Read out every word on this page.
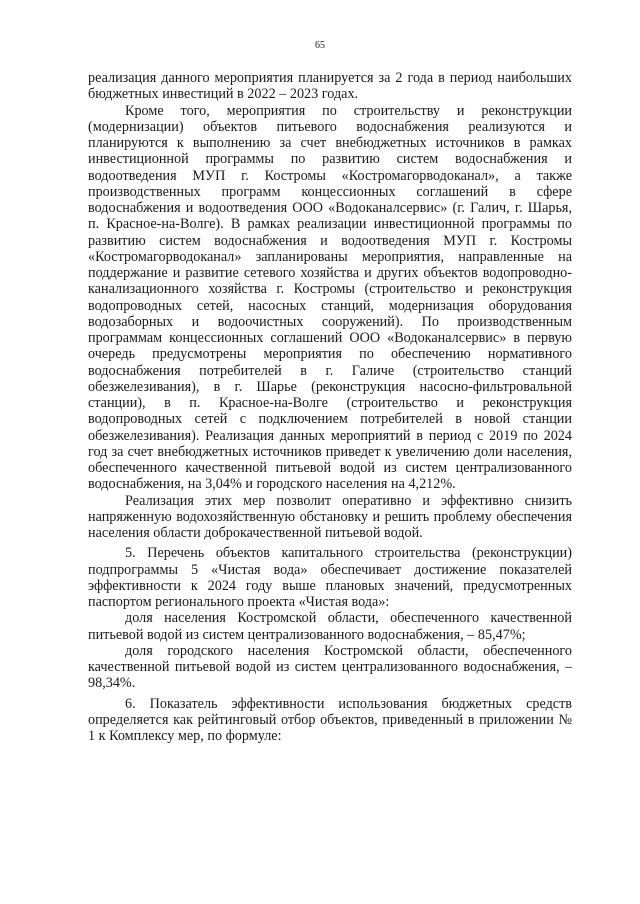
65

реализация данного мероприятия планируется за 2 года в период наибольших бюджетных инвестиций в 2022 – 2023 годах.

Кроме того, мероприятия по строительству и реконструкции (модернизации) объектов питьевого водоснабжения реализуются и планируются к выполнению за счет внебюджетных источников в рамках инвестиционной программы по развитию систем водоснабжения и водоотведения МУП г. Костромы «Костромагорводоканал», а также производственных программ концессионных соглашений в сфере водоснабжения и водоотведения ООО «Водоканалсервис» (г. Галич, г. Шарья, п. Красное-на-Волге). В рамках реализации инвестиционной программы по развитию систем водоснабжения и водоотведения МУП г. Костромы «Костромагорводоканал» запланированы мероприятия, направленные на поддержание и развитие сетевого хозяйства и других объектов водопроводно-канализационного хозяйства г. Костромы (строительство и реконструкция водопроводных сетей, насосных станций, модернизация оборудования водозаборных и водоочистных сооружений). По производственным программам концессионных соглашений ООО «Водоканалсервис» в первую очередь предусмотрены мероприятия по обеспечению нормативного водоснабжения потребителей в г. Галиче (строительство станций обезжелезивания), в г. Шарье (реконструкция насосно-фильтровальной станции), в п. Красное-на-Волге (строительство и реконструкция водопроводных сетей с подключением потребителей в новой станции обезжелезивания). Реализация данных мероприятий в период с 2019 по 2024 год за счет внебюджетных источников приведет к увеличению доли населения, обеспеченного качественной питьевой водой из систем централизованного водоснабжения, на 3,04% и городского населения на 4,212%.

Реализация этих мер позволит оперативно и эффективно снизить напряженную водохозяйственную обстановку и решить проблему обеспечения населения области доброкачественной питьевой водой.

5. Перечень объектов капитального строительства (реконструкции) подпрограммы 5 «Чистая вода» обеспечивает достижение показателей эффективности к 2024 году выше плановых значений, предусмотренных паспортом регионального проекта «Чистая вода»:

доля населения Костромской области, обеспеченного качественной питьевой водой из систем централизованного водоснабжения, – 85,47%;

доля городского населения Костромской области, обеспеченного качественной питьевой водой из систем централизованного водоснабжения, – 98,34%.

6. Показатель эффективности использования бюджетных средств определяется как рейтинговый отбор объектов, приведенный в приложении № 1 к Комплексу мер, по формуле:
